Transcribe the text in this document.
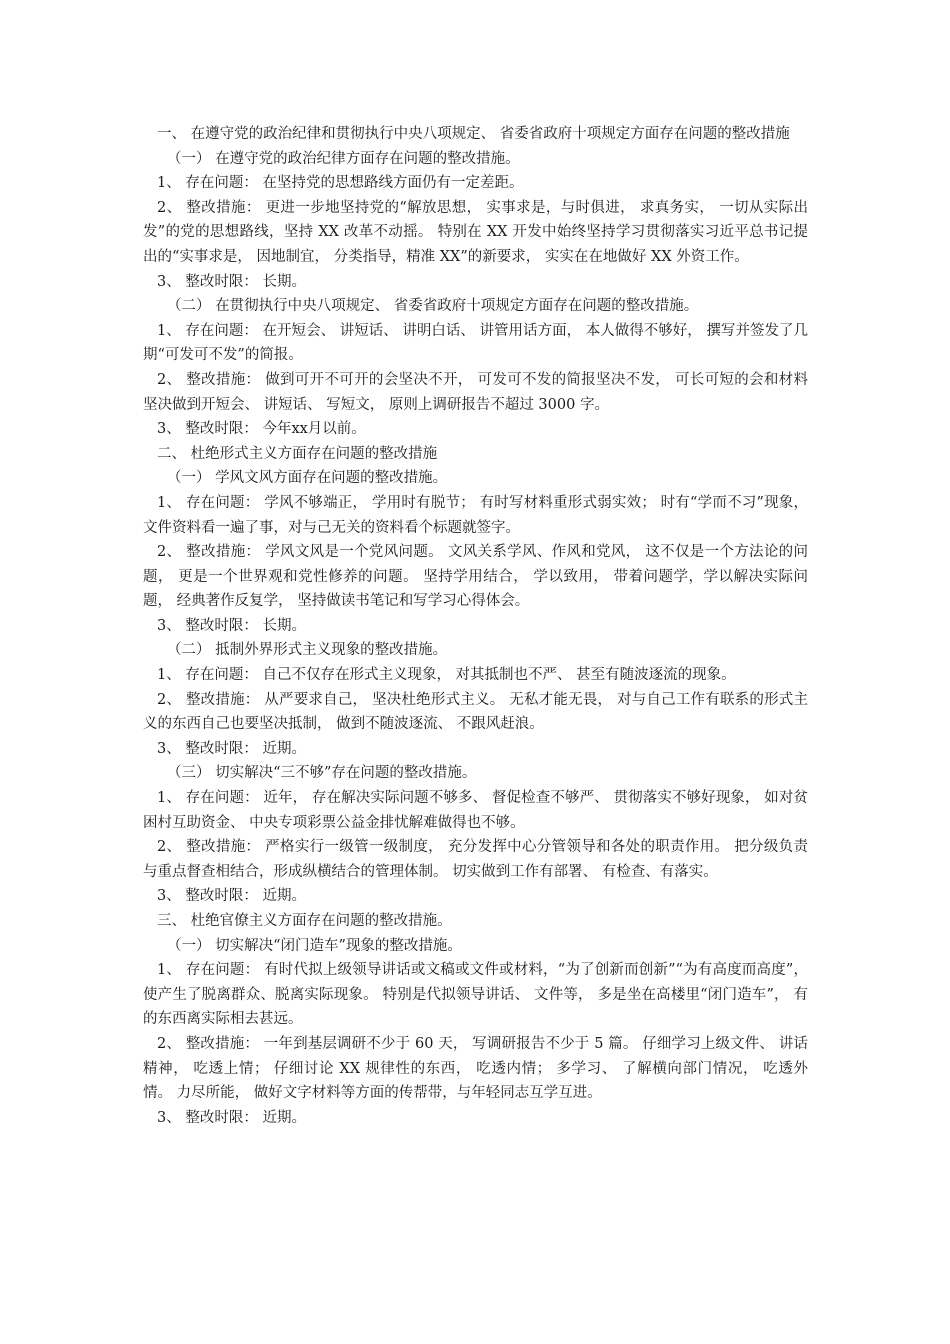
一、 在遵守党的政治纪律和贯彻执行中央八项规定、 省委省政府十项规定方面存在问题的整改措施

（一） 在遵守党的政治纪律方面存在问题的整改措施。

1、 存在问题： 在坚持党的思想路线方面仍有一定差距。

2、 整改措施： 更进一步地坚持党的“解放思想， 实事求是，与时俱进， 求真务实， 一切从实际出发”的党的思想路线，坚持 XX 改革不动摇。 特别在 XX 开发中始终坚持学习贯彻落实习近平总书记提出的“实事求是， 因地制宜， 分类指导，精准 XX”的新要求， 实实在在地做好 XX 外资工作。

3、 整改时限： 长期。

（二） 在贯彻执行中央八项规定、 省委省政府十项规定方面存在问题的整改措施。

1、 存在问题： 在开短会、 讲短话、 讲明白话、 讲管用话方面， 本人做得不够好， 撰写并签发了几期“可发可不发”的简报。

2、 整改措施： 做到可开不可开的会坚决不开， 可发可不发的简报坚决不发， 可长可短的会和材料坚决做到开短会、 讲短话、 写短文， 原则上调研报告不超过 3000 字。

3、 整改时限： 今年xx月以前。

二、 杜绝形式主义方面存在问题的整改措施

（一） 学风文风方面存在问题的整改措施。

1、 存在问题： 学风不够端正， 学用时有脱节； 有时写材料重形式弱实效； 时有“学而不习”现象， 文件资料看一遍了事，对与己无关的资料看个标题就签字。

2、 整改措施： 学风文风是一个党风问题。 文风关系学风、作风和党风， 这不仅是一个方法论的问题， 更是一个世界观和党性修养的问题。 坚持学用结合， 学以致用， 带着问题学，学以解决实际问题， 经典著作反复学， 坚持做读书笔记和写学习心得体会。

3、 整改时限： 长期。

（二） 抵制外界形式主义现象的整改措施。

1、 存在问题： 自己不仅存在形式主义现象， 对其抵制也不严、 甚至有随波逐流的现象。

2、 整改措施： 从严要求自己， 坚决杜绝形式主义。 无私才能无畏， 对与自己工作有联系的形式主义的东西自己也要坚决抵制， 做到不随波逐流、 不跟风赶浪。

3、 整改时限： 近期。

（三） 切实解决“三不够”存在问题的整改措施。

1、 存在问题： 近年， 存在解决实际问题不够多、 督促检查不够严、 贯彻落实不够好现象， 如对贫困村互助资金、 中央专项彩票公益金排忧解难做得也不够。

2、 整改措施： 严格实行一级管一级制度， 充分发挥中心分管领导和各处的职责作用。 把分级负责与重点督查相结合，形成纵横结合的管理体制。 切实做到工作有部署、 有检查、有落实。

3、 整改时限： 近期。

三、 杜绝官僚主义方面存在问题的整改措施。

（一） 切实解决“闭门造车”现象的整改措施。

1、 存在问题： 有时代拟上级领导讲话或文稿或文件或材料，“为了创新而创新”“为有高度而高度”， 使产生了脱离群众、脱离实际现象。 特别是代拟领导讲话、 文件等， 多是坐在高楼里“闭门造车”， 有的东西离实际相去甚远。

2、 整改措施： 一年到基层调研不少于 60 天， 写调研报告不少于 5 篇。 仔细学习上级文件、 讲话精神， 吃透上情； 仔细讨论 XX 规律性的东西， 吃透内情； 多学习、 了解横向部门情况， 吃透外情。 力尽所能， 做好文字材料等方面的传帮带，与年轻同志互学互进。

3、 整改时限： 近期。
